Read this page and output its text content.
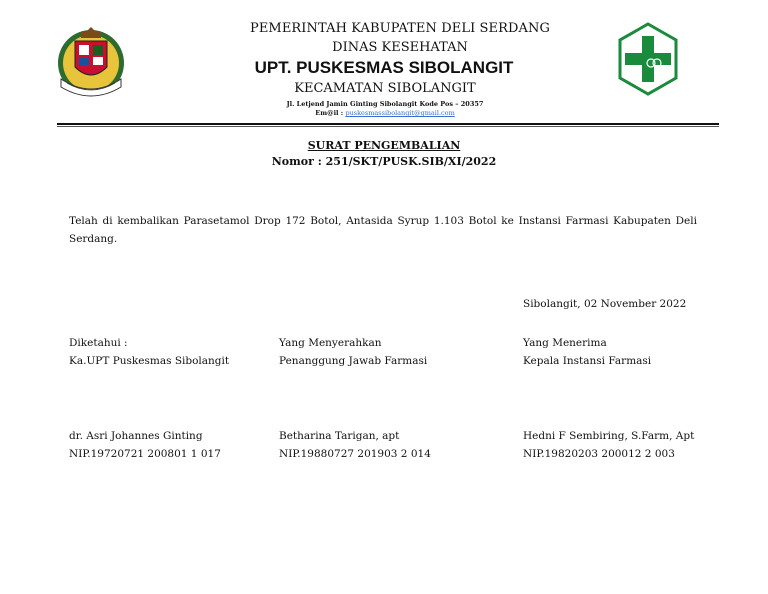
PEMERINTAH KABUPATEN DELI SERDANG
DINAS KESEHATAN
UPT. PUSKESMAS SIBOLANGIT
KECAMATAN SIBOLANGIT
Jl. Letjend Jamin Ginting Sibolangit Kode Pos – 20357
Em@il : puskesmassibolangit@gmail.com
SURAT PENGEMBALIAN
Nomor : 251/SKT/PUSK.SIB/XI/2022
Telah di kembalikan Parasetamol Drop 172 Botol, Antasida Syrup 1.103 Botol ke Instansi Farmasi Kabupaten Deli Serdang.
Sibolangit, 02 November 2022
Diketahui :
Ka.UPT Puskesmas Sibolangit
dr. Asri Johannes Ginting
NIP.19720721 200801 1 017
Yang Menyerahkan
Penanggung Jawab Farmasi
Betharina Tarigan, apt
NIP.19880727 201903 2 014
Yang Menerima
Kepala Instansi Farmasi
Hedni F Sembiring, S.Farm, Apt
NIP.19820203 200012 2 003
